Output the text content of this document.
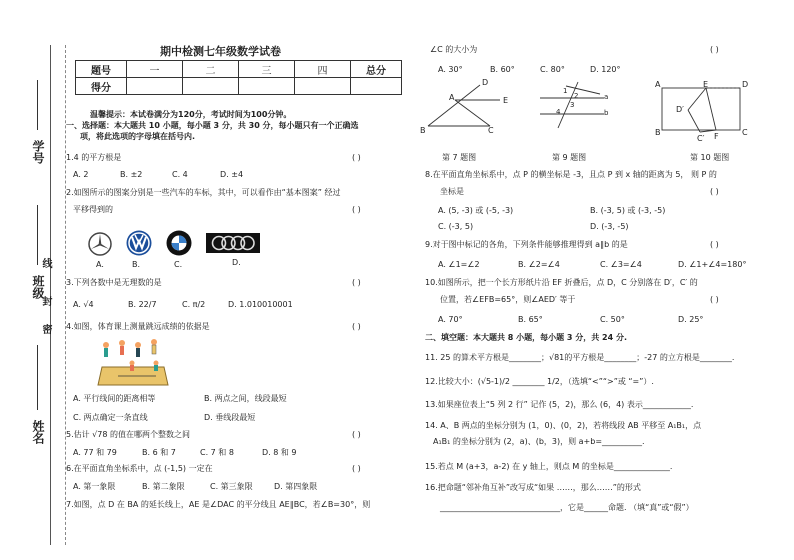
学号
班级
姓名
线
封
密
期中检测七年级数学试卷
题号	一	二	三	四	总分
得分					
温馨提示：本试卷满分为120分，考试时间为100分钟。
一、选择题：本大题共 10 小题，每小题 3 分，共 30 分，每小题只有一个正确选
项，将此选项的字母填在括号内.
1.4 的平方根是	( )
A. 2	B. ±2	C. 4	D. ±4
2.如图所示的图案分别是一些汽车的车标，其中，可以看作由“基本图案” 经过
平移得到的	( )
A.	B.	C.	D.
3.下列各数中是无理数的是	( )
A. √4	B. 22/7	C. π/2	D. 1.010010001
4.如图，体育课上测量跳远成绩的依据是	( )
A. 平行线间的距离相等	B. 两点之间，线段最短
C. 两点确定一条直线	D. 垂线段最短
5.估计 √78 的值在哪两个整数之间	( )
A. 77 和 79	B. 6 和 7	C. 7 和 8	D. 8 和 9
6.在平面直角坐标系中，点 (-1,5) 一定在	( )
A. 第一象限	B. 第二象限	C. 第三象限	D. 第四象限
7.如图，点 D 在 BA 的延长线上，AE 是∠DAC 的平分线且 AE∥BC，若∠B=30°，则
∠C 的大小为	( )
A. 30°	B. 60°	C. 80°	D. 120°
D
A	E
B	C
第 7 题图
1
2
3
4
a
b
第 9 题图
A	E	D
D′
B	C
F
C′
第 10 题图
8.在平面直角坐标系中，点 P 的横坐标是 -3，且点 P 到 x 轴的距离为 5， 则 P 的
坐标是	( )
A. (5, -3) 或 (-5, -3)	B. (-3, 5) 或 (-3, -5)
C. (-3, 5)	D. (-3, -5)
9.对于图中标记的各角，下列条件能够推理得到 a∥b 的是	( )
A. ∠1=∠2	B. ∠2=∠4	C. ∠3=∠4	D. ∠1+∠4=180°
10.如图所示，把一个长方形纸片沿 EF 折叠后，点 D，C 分别落在 D′，C′ 的
位置，若∠EFB=65°，则∠AED′ 等于	( )
A. 70°	B. 65°	C. 50°	D. 25°
二、填空题：本大题共 8 小题，每小题 3 分，共 24 分.
11. 25 的算术平方根是________；√81的平方根是________；-27 的立方根是________.
12.比较大小：(√5-1)/2 ________ 1/2，（选填“<”“>”或 “=”）.
13.如果座位表上“5 列 2 行” 记作 (5，2)，那么 (6，4) 表示____________.
14. A、B 两点的坐标分别为 (1，0)、(0，2)，若将线段 AB 平移至 A₁B₁，点
A₁B₁ 的坐标分别为 (2，a)、(b，3)，则 a+b=__________.
15.若点 M (a+3，a-2) 在 y 轴上，则点 M 的坐标是______________.
16.把命题“邻补角互补”改写成“如果 ……，那么……”的形式
______________________________，它是______命题. （填“真”或“假”）
